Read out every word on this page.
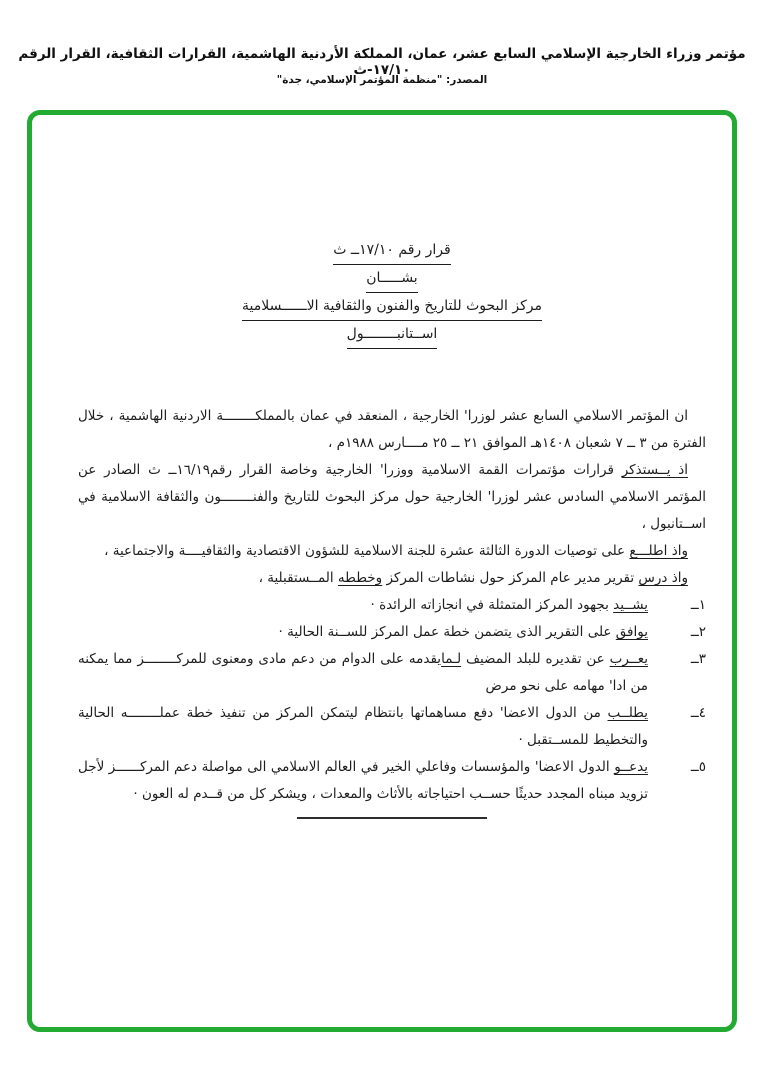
مؤتمر وزراء الخارجية الإسلامي السابع عشر، عمان، المملكة الأردنية الهاشمية، القرارات الثقافية، القرار الرقم ١٧/١٠-ث
المصدر: "منظمة المؤتمر الإسلامي، جدة"
قرار رقم ١٧/١٠ــ ث
بشـــــان
مركز البحوث للتاريخ والفنون والثقافية الاــــــسلامية
اســتانبــــــــول

ان المؤتمر الاسلامي السابع عشر لوزرا' الخارجية ، المنعقد في عمان بالمملكــــــــة الاردنية الهاشمية ، خلال الفترة من ٣ ــ ٧ شعبان ١٤٠٨هـ الموافق ٢١ ــ ٢٥ مــــارس ١٩٨٨م ،

اذ يــستذكر قرارات مؤتمرات القمة الاسلامية ووزرا' الخارجية وخاصة القرار رقم١٦/١٩ــ ث الصادر عن المؤتمر الاسلامي السادس عشر لوزرا' الخارجية حول مركز البحوث للتاريخ والفنــــــــون والثقافة الاسلامية في اســتانبول ،

واذ اطلـــع على توصيات الدورة الثالثة عشرة للجنة الاسلامية للشؤون الاقتصادية والثقافيــــة والاجتماعية ،

واذ درس تقرير مدير عام المركز حول نشاطات المركز وخططه المــستقبلية ،

١ــ
يشــيد بجهود المركز المتمثلة في انجازاته الرائدة ·
٢ــ
يوافق على التقرير الذى يتضمن خطة عمل المركز للســنة الحالية ·
٣ــ
يعــرب عن تقديره للبلد المضيف لـمايقدمه على الدوام من دعم مادى ومعنوى للمركــــــــز مما يمكنه من ادا' مهامه على نحو مرض
٤ــ
يطلــب من الدول الاعضا' دفع مساهماتها بانتظام ليتمكن المركز من تنفيذ خطة عملــــــــه الحالية والتخطيط للمســتقبل ·
٥ــ
يدعــو الدول الاعضا' والمؤسسات وفاعلي الخير في العالم الاسلامي الى مواصلة دعم المركــــــز لأجل تزويد مبناه المجدد حديثًا حســب احتياجاته بالأثاث والمعدات ، ويشكر كل من قــدم له العون ·
